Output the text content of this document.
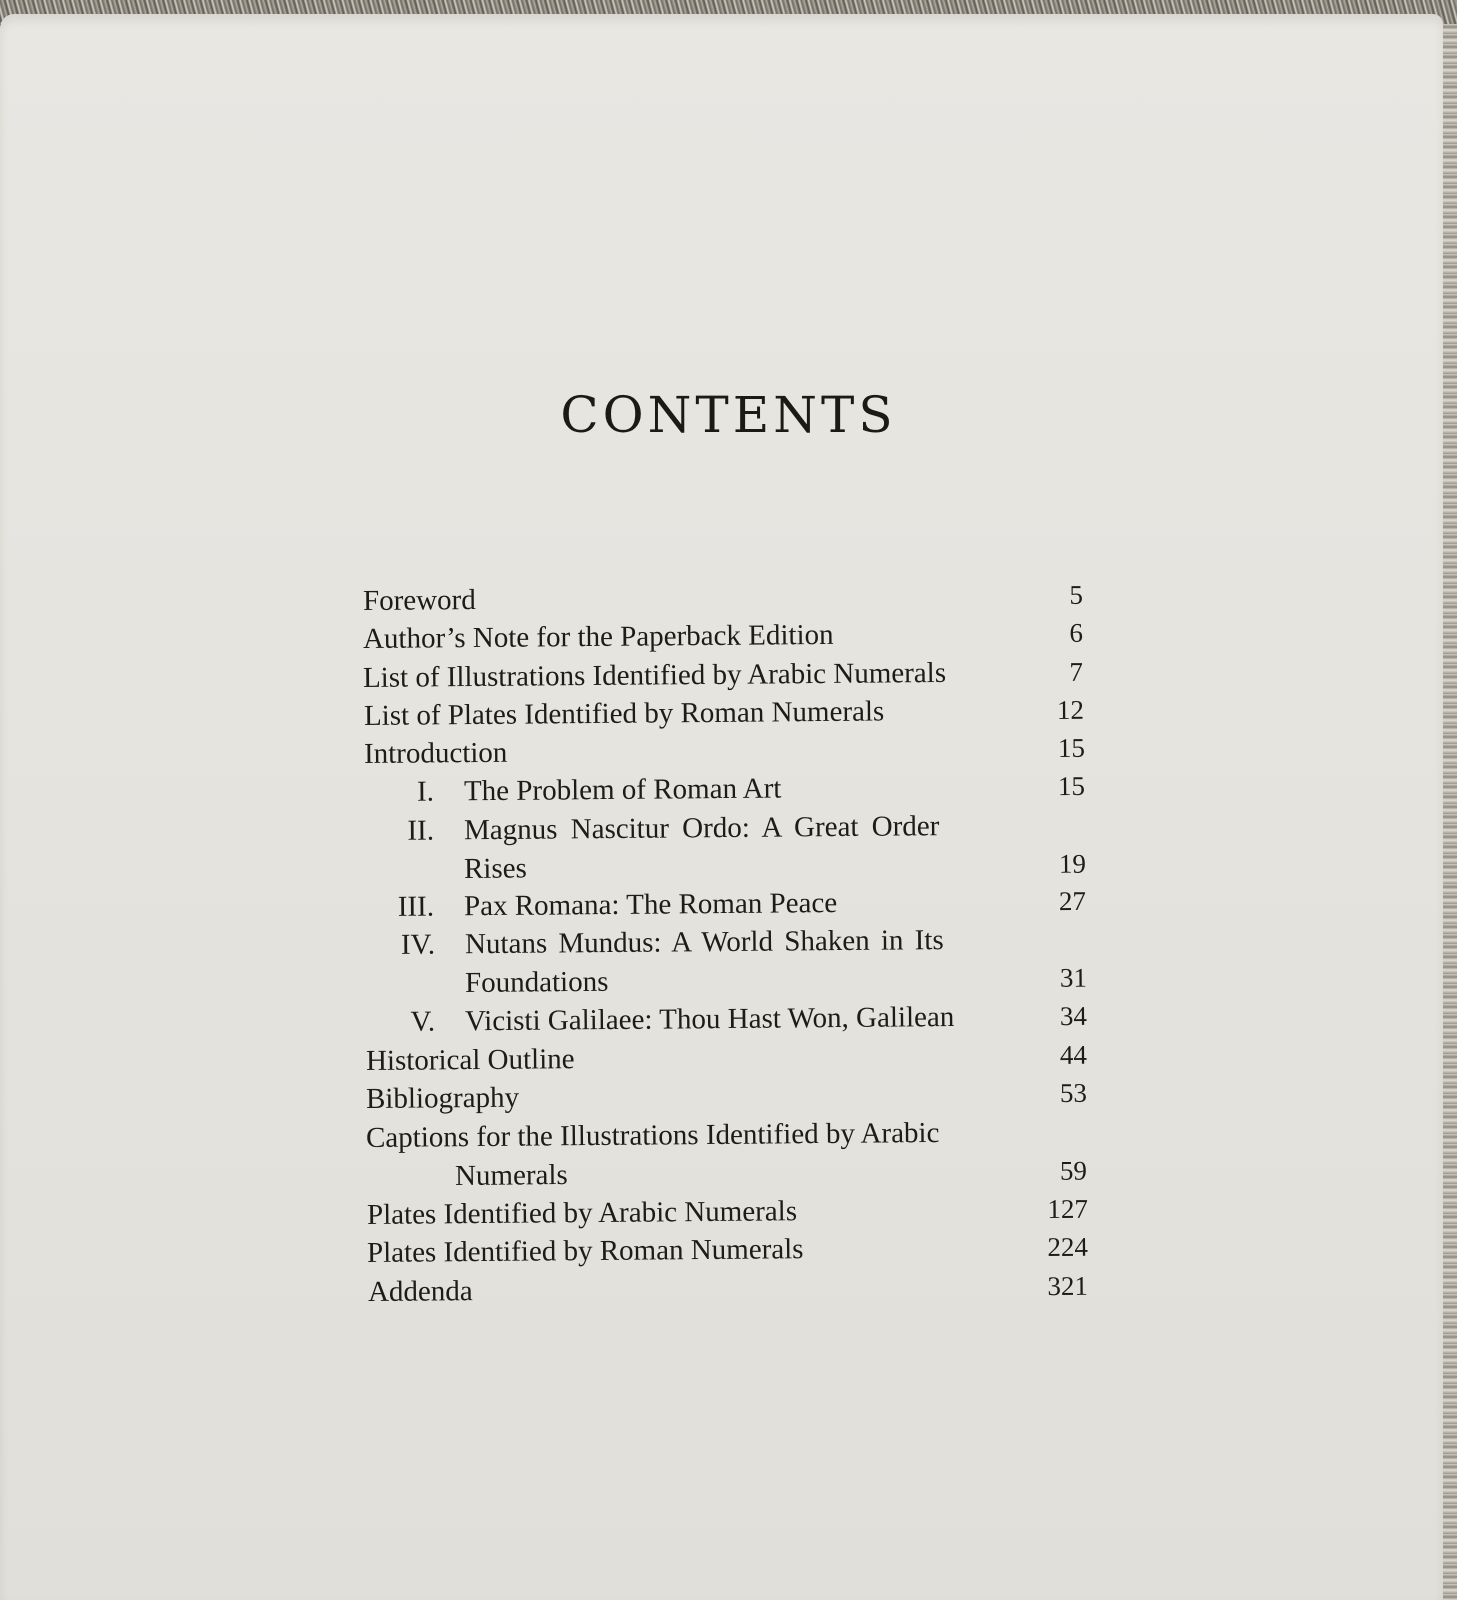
CONTENTS
Foreword	5
Author’s Note for the Paperback Edition	6
List of Illustrations Identified by Arabic Numerals	7
List of Plates Identified by Roman Numerals	12
Introduction	15
I. The Problem of Roman Art	15
II. Magnus Nascitur Ordo: A Great Order
Rises	19
III. Pax Romana: The Roman Peace	27
IV. Nutans Mundus: A World Shaken in Its
Foundations	31
V. Vicisti Galilaee: Thou Hast Won, Galilean	34
Historical Outline	44
Bibliography	53
Captions for the Illustrations Identified by Arabic
Numerals	59
Plates Identified by Arabic Numerals	127
Plates Identified by Roman Numerals	224
Addenda	321
